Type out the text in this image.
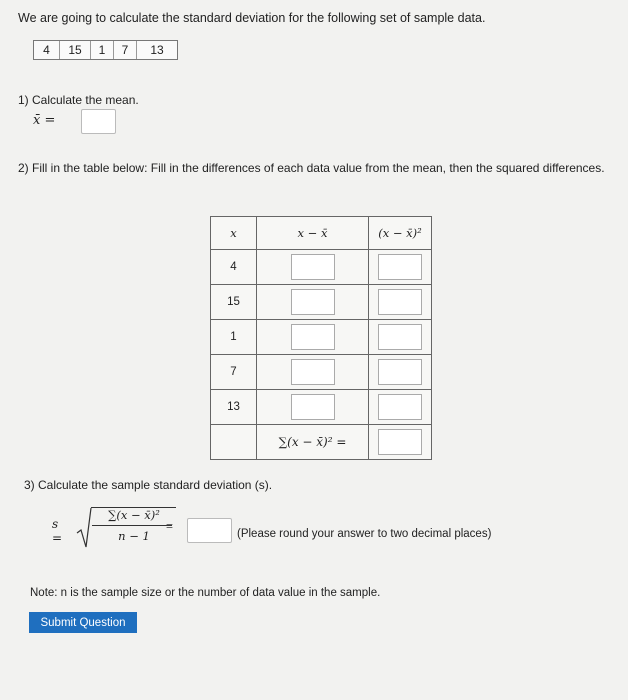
We are going to calculate the standard deviation for the following set of sample data.
4	15	1	7	13
1) Calculate the mean.
x̄ =
2) Fill in the table below: Fill in the differences of each data value from the mean, then the squared differences.
x	x − x̄	(x − x̄)²
4		
15		
1		
7		
13		
	∑(x − x̄)² =	
3) Calculate the sample standard deviation (s).
s =
∑(x − x̄)²
n − 1
=
(Please round your answer to two decimal places)
Note: n is the sample size or the number of data value in the sample.
Submit Question
